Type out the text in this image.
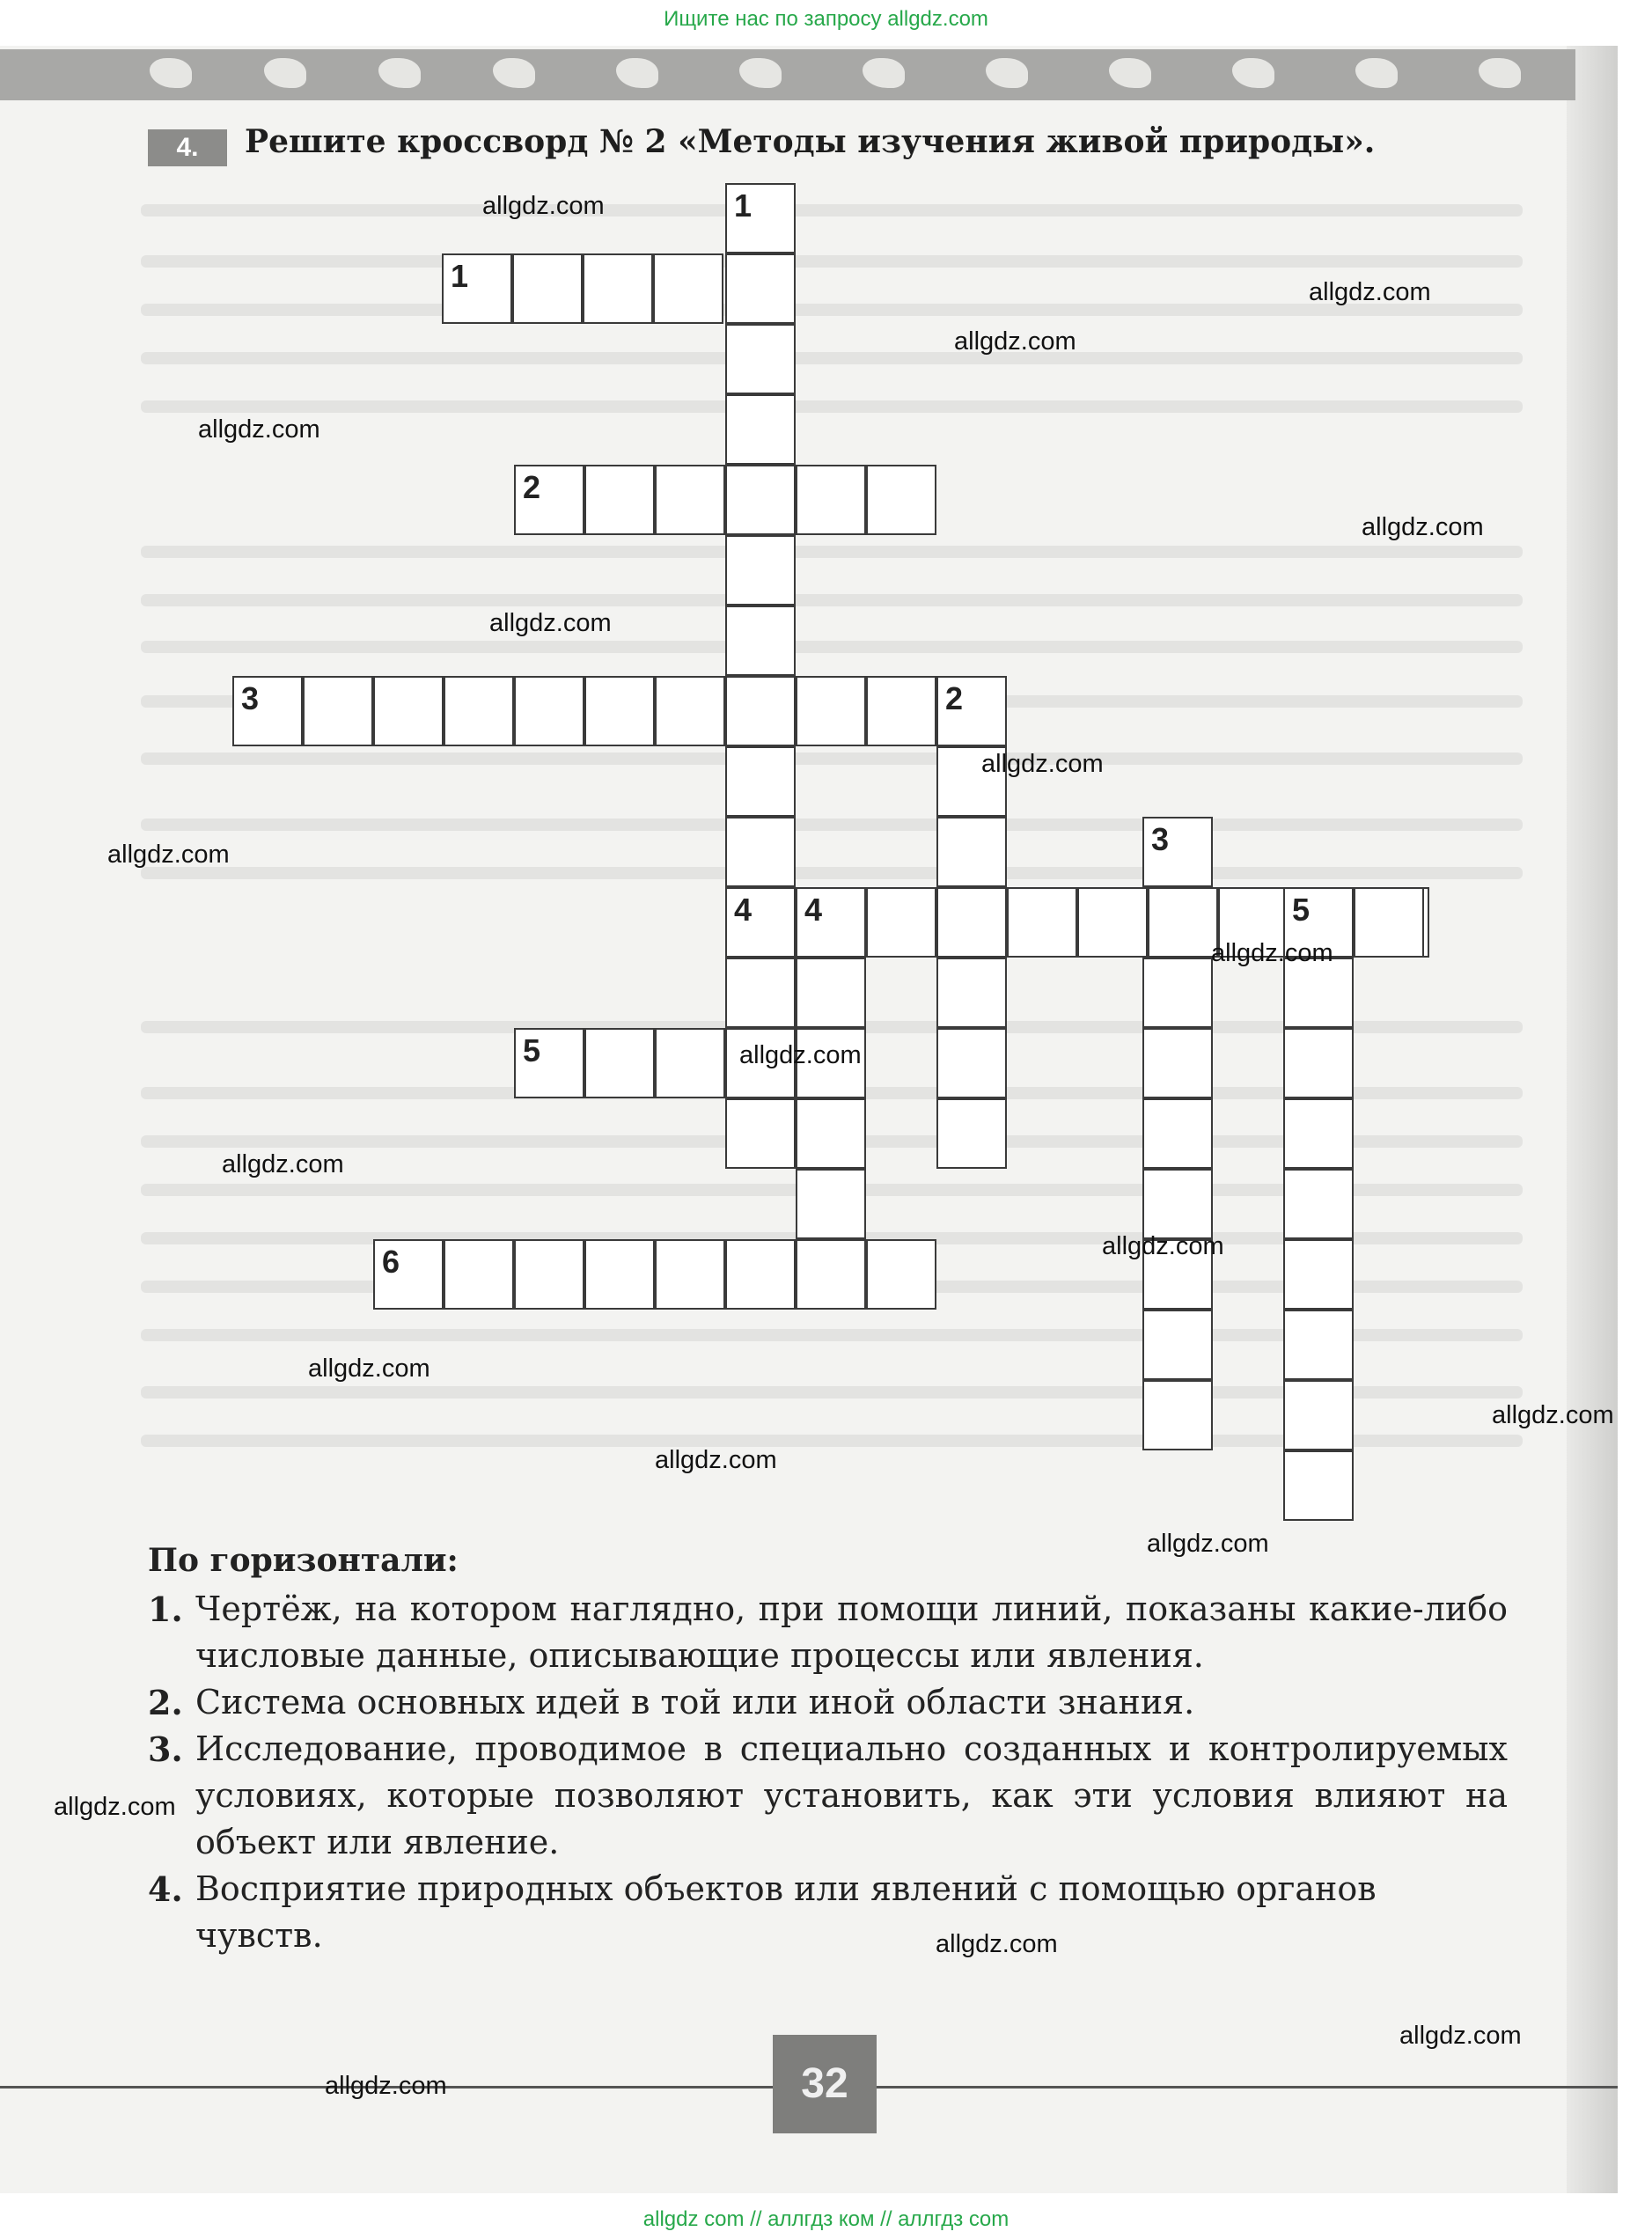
Ищите нас по запросу allgdz.com
4.	Решите кроссворд № 2 «Методы изучения живой природы».
1
1
2
3	2
3
4 4	5
5
6
По горизонтали:
1. Чертёж, на котором наглядно, при помощи линий, показаны какие-либо числовые данные, описывающие процессы или явления.
2. Система основных идей в той или иной области знания.
3. Исследование, проводимое в специально созданных и контролируемых условиях, которые позволяют установить, как эти условия влияют на объект или явление.
4. Восприятие природных объектов или явлений с помощью органов чувств.
32
allgdz.com
allgdz.com
allgdz.com
allgdz.com
allgdz.com
allgdz.com
allgdz.com
allgdz.com
allgdz.com
allgdz.com
allgdz.com
allgdz.com
allgdz.com
allgdz.com
allgdz.com
allgdz.com
allgdz.com
allgdz.com
allgdz.com
allgdz.com
allgdz com // аллгдз ком // аллгдз com
